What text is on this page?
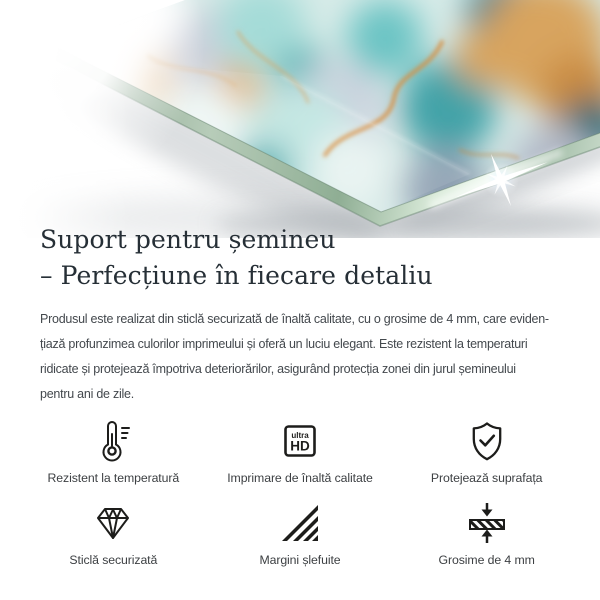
Suport pentru șemineu
– Perfecțiune în fiecare detaliu
Produsul este realizat din sticlă securizată de înaltă calitate, cu o grosime de 4 mm, care eviden-
țiază profunzimea culorilor imprimeului și oferă un luciu elegant. Este rezistent la temperaturi
ridicate și protejează împotriva deteriorărilor, asigurând protecția zonei din jurul șemineului
pentru ani de zile.
Rezistent la temperatură
ultra
HD
Imprimare de înaltă calitate	Protejează suprafața
Sticlă securizată	Margini șlefuite	Grosime de 4 mm
